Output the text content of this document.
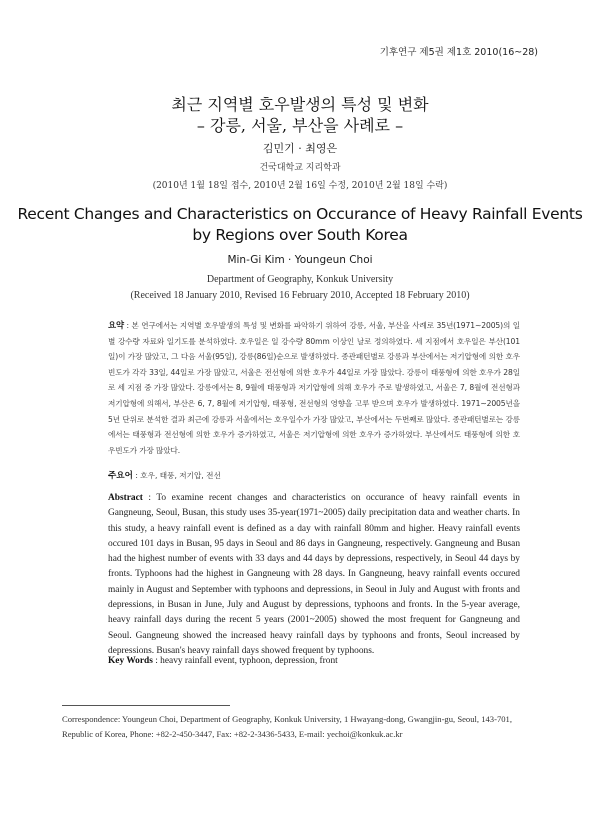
기후연구 제5권 제1호 2010(16~28)
최근 지역별 호우발생의 특성 및 변화
– 강릉, 서울, 부산을 사례로 –
김민기 · 최영은
건국대학교 지리학과
(2010년 1월 18일 접수, 2010년 2월 16일 수정, 2010년 2월 18일 수락)
Recent Changes and Characteristics on Occurance of Heavy Rainfall Events
by Regions over South Korea
Min-Gi Kim · Youngeun Choi
Department of Geography, Konkuk University
(Received 18 January 2010, Revised 16 February 2010, Accepted 18 February 2010)
요약 : 본 연구에서는 지역별 호우발생의 특성 및 변화를 파악하기 위하여 강릉, 서울, 부산을 사례로 35년(1971~2005)의 일별 강수량 자료와 일기도를 분석하였다. 호우일은 일 강수량 80mm 이상인 날로 정의하였다. 세 지점에서 호우일은 부산(101일)이 가장 많았고, 그 다음 서울(95일), 강릉(86일)순으로 발생하였다. 종관패턴별로 강릉과 부산에서는 저기압형에 의한 호우 빈도가 각각 33일, 44일로 가장 많았고, 서울은 전선형에 의한 호우가 44일로 가장 많았다. 강릉이 태풍형에 의한 호우가 28일로 세 지점 중 가장 많았다. 강릉에서는 8, 9월에 태풍형과 저기압형에 의해 호우가 주로 발생하였고, 서울은 7, 8월에 전선형과 저기압형에 의해서, 부산은 6, 7, 8월에 저기압형, 태풍형, 전선형의 영향을 고루 받으며 호우가 발생하였다. 1971~2005년을 5년 단위로 분석한 결과 최근에 강릉과 서울에서는 호우일수가 가장 많았고, 부산에서는 두번째로 많았다. 종관패턴별로는 강릉에서는 태풍형과 전선형에 의한 호우가 증가하였고, 서울은 저기압형에 의한 호우가 증가하였다. 부산에서도 태풍형에 의한 호우빈도가 가장 많았다.
주요어 : 호우, 태풍, 저기압, 전선
Abstract : To examine recent changes and characteristics on occurance of heavy rainfall events in Gangneung, Seoul, Busan, this study uses 35-year(1971~2005) daily precipitation data and weather charts. In this study, a heavy rainfall event is defined as a day with rainfall 80mm and higher. Heavy rainfall events occured 101 days in Busan, 95 days in Seoul and 86 days in Gangneung, respectively. Gangneung and Busan had the highest number of events with 33 days and 44 days by depressions, respectively, in Seoul 44 days by fronts. Typhoons had the highest in Gangneung with 28 days. In Gangneung, heavy rainfall events occured mainly in August and September with typhoons and depressions, in Seoul in July and August with fronts and depressions, in Busan in June, July and August by depressions, typhoons and fronts. In the 5-year average, heavy rainfall days during the recent 5 years (2001~2005) showed the most frequent for Gangneung and Seoul. Gangneung showed the increased heavy rainfall days by typhoons and fronts, Seoul increased by depressions. Busan's heavy rainfall days showed frequent by typhoons.
Key Words : heavy rainfall event, typhoon, depression, front
Correspondence: Youngeun Choi, Department of Geography, Konkuk University, 1 Hwayang-dong, Gwangjin-gu, Seoul, 143-701, Republic of Korea, Phone: +82-2-450-3447, Fax: +82-2-3436-5433, E-mail: yechoi@konkuk.ac.kr
